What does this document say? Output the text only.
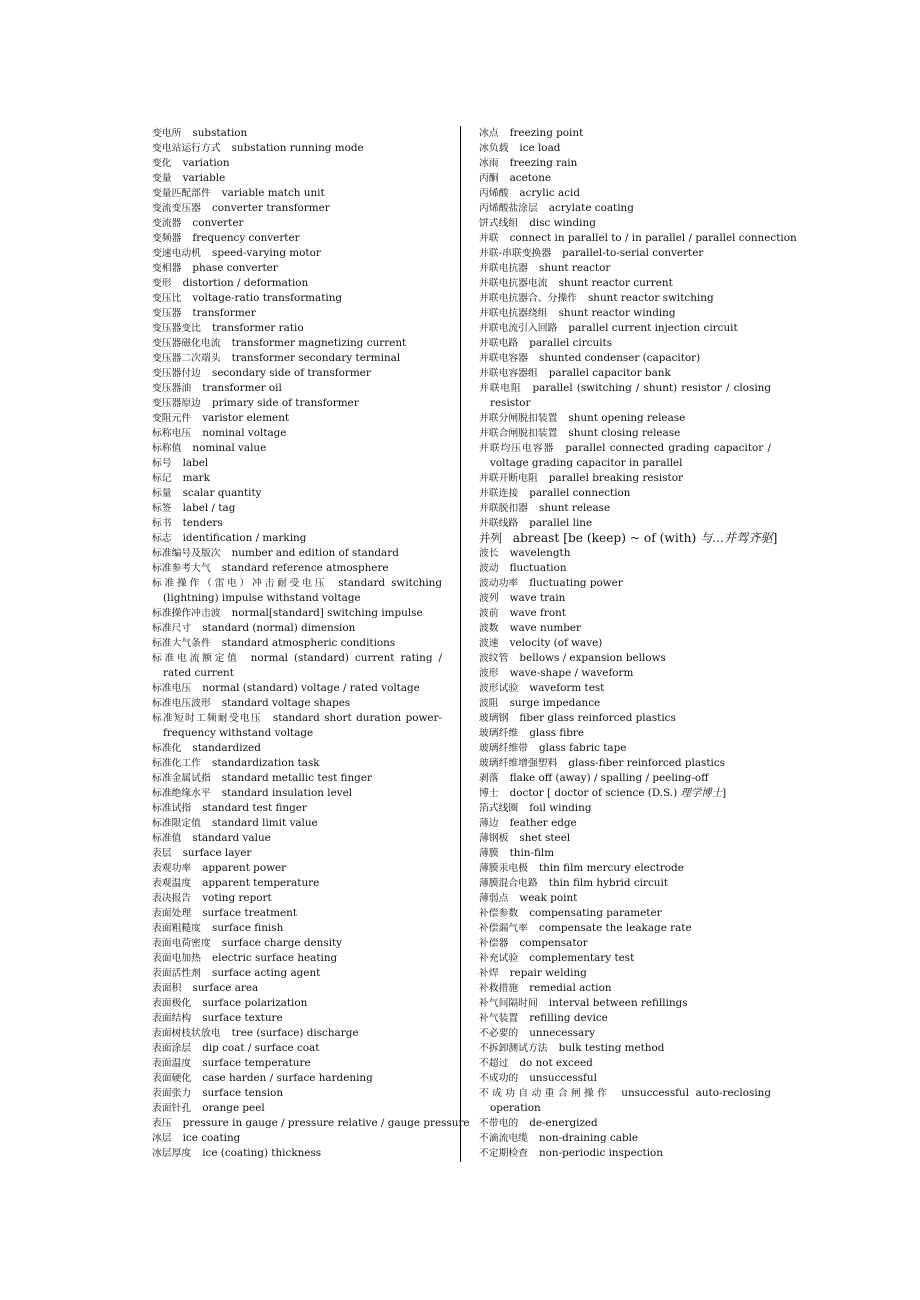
变电所 substation
变电站运行方式 substation running mode
变化 variation
变量 variable
变量匹配部件 variable match unit
变流变压器 converter transformer
变流器 converter
变频器 frequency converter
变速电动机 speed-varying motor
变相器 phase converter
变形 distortion / deformation
变压比 voltage-ratio transformating
变压器 transformer
变压器变比 transformer ratio
变压器磁化电流 transformer magnetizing current
变压器二次端头 transformer secondary terminal
变压器付边 secondary side of transformer
变压器油 transformer oil
变压器原边 primary side of transformer
变阻元件 varistor element
标称电压 nominal voltage
标称值 nominal value
标号 label
标记 mark
标量 scalar quantity
标签 label / tag
标书 tenders
标志 identification / marking
标准编号及版次 number and edition of standard
标准参考大气 standard reference atmosphere
标准操作（雷电）冲击耐受电压 standard switching (lightning) impulse withstand voltage
标准操作冲击波 normal[standard] switching impulse
标准尺寸 standard (normal) dimension
标准大气条件 standard atmospheric conditions
标准电流额定值 normal (standard) current rating / rated current
标准电压 normal (standard) voltage / rated voltage
标准电压波形 standard voltage shapes
标准短时工频耐受电压 standard short duration power-frequency withstand voltage
标准化 standardized
标准化工作 standardization task
标准金属试指 standard metallic test finger
标准绝缘水平 standard insulation level
标准试指 standard test finger
标准限定值 standard limit value
标准值 standard value
表层 surface layer
表观功率 apparent power
表观温度 apparent temperature
表决报告 voting report
表面处理 surface treatment
表面粗糙度 surface finish
表面电荷密度 surface charge density
表面电加热 electric surface heating
表面活性剂 surface acting agent
表面积 surface area
表面极化 surface polarization
表面结构 surface texture
表面树枝状放电 tree (surface) discharge
表面涂层 dip coat / surface coat
表面温度 surface temperature
表面硬化 case harden / surface hardening
表面张力 surface tension
表面针孔 orange peel
表压 pressure in gauge / pressure relative / gauge pressure
冰层 ice coating
冰层厚度 ice (coating) thickness
冰点 freezing point
冰负载 ice load
冰雨 freezing rain
丙酮 acetone
丙烯酸 acrylic acid
丙烯酸盐涂层 acrylate coating
饼式线组 disc winding
并联 connect in parallel to / in parallel / parallel connection
并联-串联变换器 parallel-to-serial converter
并联电抗器 shunt reactor
并联电抗器电流 shunt reactor current
并联电抗器合、分操作 shunt reactor switching
并联电抗器绕组 shunt reactor winding
并联电流引入回路 parallel current injection circuit
并联电路 parallel circuits
并联电容器 shunted condenser (capacitor)
并联电容器组 parallel capacitor bank
并联电阻 parallel (switching / shunt) resistor / closing resistor
并联分闸脱扣装置 shunt opening release
并联合闸脱扣装置 shunt closing release
并联均压电容器 parallel connected grading capacitor / voltage grading capacitor in parallel
并联开断电阻 parallel breaking resistor
并联连接 parallel connection
并联脱扣器 shunt release
并联线路 parallel line
并列 abreast [be (keep) ~ of (with) 与...并驾齐驱]
波长 wavelength
波动 fluctuation
波动功率 fluctuating power
波列 wave train
波前 wave front
波数 wave number
波速 velocity (of wave)
波纹管 bellows / expansion bellows
波形 wave-shape / waveform
波形试验 waveform test
波阻 surge impedance
玻璃钢 fiber glass reinforced plastics
玻璃纤维 glass fibre
玻璃纤维带 glass fabric tape
玻璃纤维增强塑料 glass-fiber reinforced plastics
剥落 flake off (away) / spalling / peeling-off
博士 doctor [ doctor of science (D.S.) 理学博士]
箔式线圈 foil winding
薄边 feather edge
薄钢板 shet steel
薄膜 thin-film
薄膜汞电极 thin film mercury electrode
薄膜混合电路 thin film hybrid circuit
薄弱点 weak point
补偿参数 compensating parameter
补偿漏气率 compensate the leakage rate
补偿器 compensator
补充试验 complementary test
补焊 repair welding
补救措施 remedial action
补气间隔时间 interval between refillings
补气装置 refilling device
不必要的 unnecessary
不拆卸测试方法 bulk testing method
不超过 do not exceed
不成功的 unsuccessful
不成功自动重合闸操作 unsuccessful auto-reclosing operation
不带电的 de-energized
不滴流电缆 non-draining cable
不定期检查 non-periodic inspection
